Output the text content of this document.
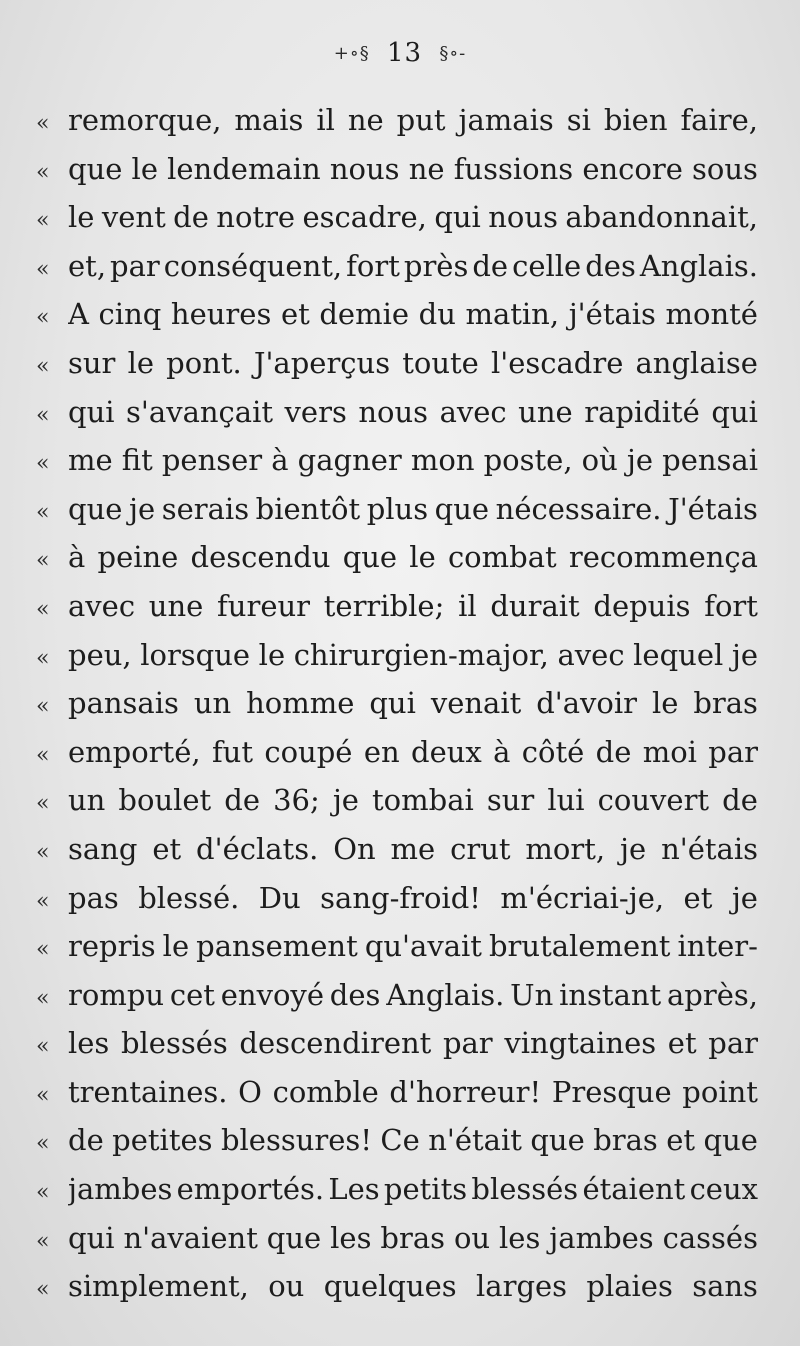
+∘§ 13 §∘-
« remorque, mais il ne put jamais si bien faire,
« que le lendemain nous ne fussions encore sous
« le vent de notre escadre, qui nous abandonnait,
« et, par conséquent, fort près de celle des Anglais.
« A cinq heures et demie du matin, j'étais monté
« sur le pont. J'aperçus toute l'escadre anglaise
« qui s'avançait vers nous avec une rapidité qui
« me fit penser à gagner mon poste, où je pensai
« que je serais bientôt plus que nécessaire. J'étais
« à peine descendu que le combat recommença
« avec une fureur terrible; il durait depuis fort
« peu, lorsque le chirurgien-major, avec lequel je
« pansais un homme qui venait d'avoir le bras
« emporté, fut coupé en deux à côté de moi par
« un boulet de 36; je tombai sur lui couvert de
« sang et d'éclats. On me crut mort, je n'étais
« pas blessé. Du sang-froid! m'écriai-je, et je
« repris le pansement qu'avait brutalement inter-
« rompu cet envoyé des Anglais. Un instant après,
« les blessés descendirent par vingtaines et par
« trentaines. O comble d'horreur! Presque point
« de petites blessures! Ce n'était que bras et que
« jambes emportés. Les petits blessés étaient ceux
« qui n'avaient que les bras ou les jambes cassés
« simplement, ou quelques larges plaies sans
